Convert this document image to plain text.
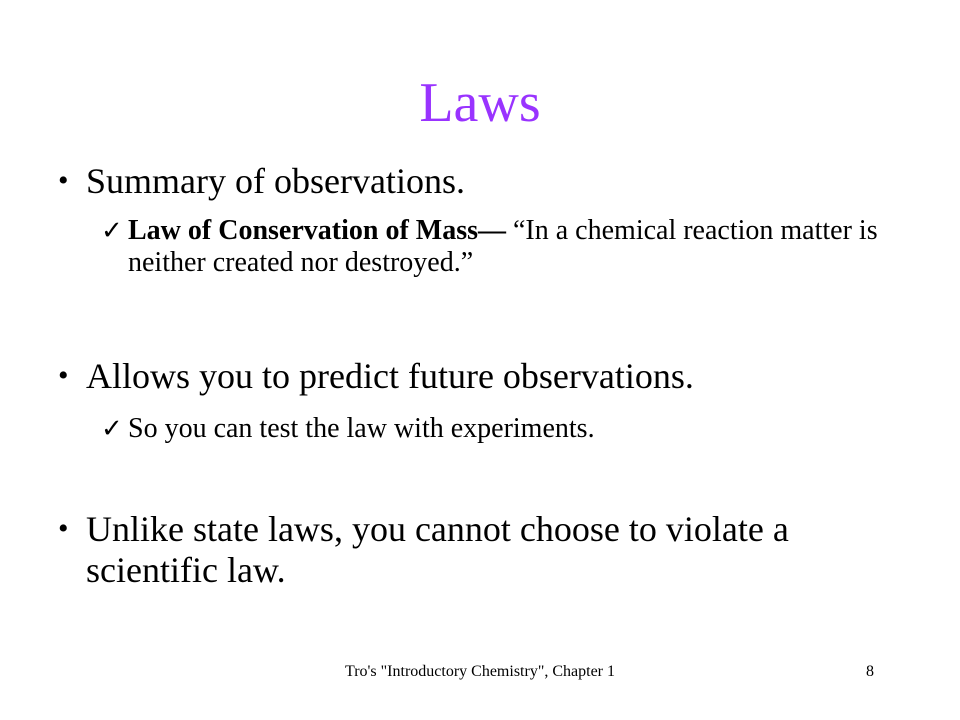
Laws
• Summary of observations.
✓ Law of Conservation of Mass— “In a chemical reaction matter is neither created nor destroyed.”
• Allows you to predict future observations.
✓ So you can test the law with experiments.
• Unlike state laws, you cannot choose to violate a scientific law.
Tro's "Introductory Chemistry", Chapter 1	8
